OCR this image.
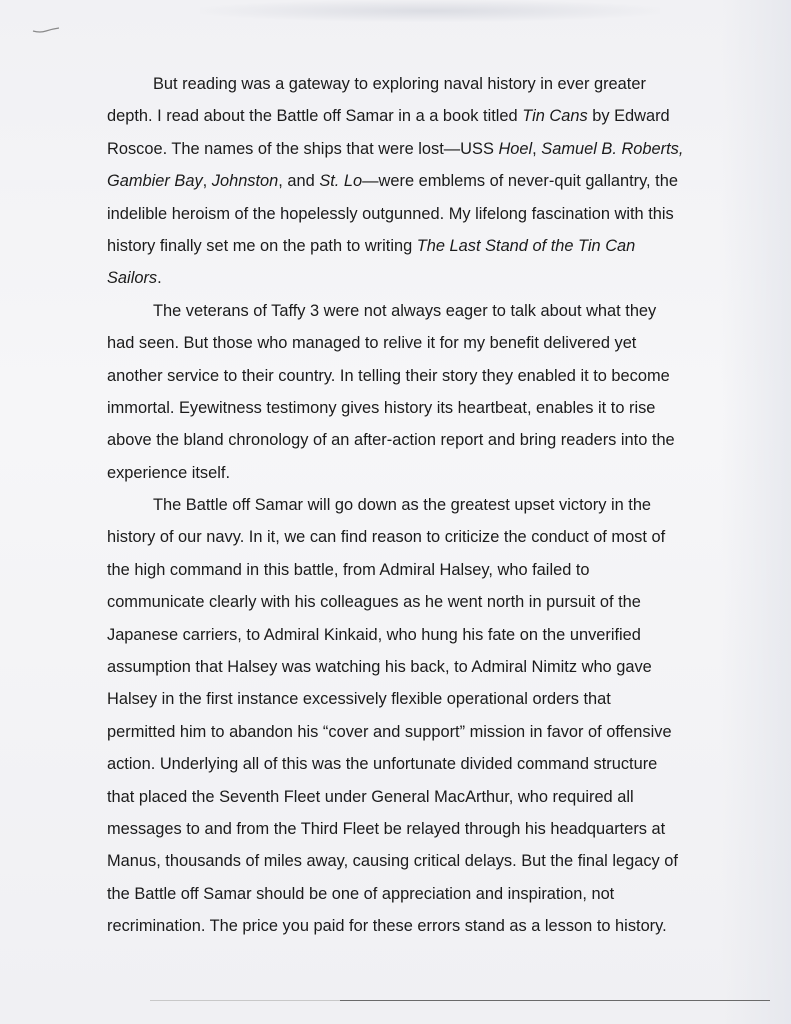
But reading was a gateway to exploring naval history in ever greater
depth. I read about the Battle off Samar in a a book titled Tin Cans by Edward
Roscoe. The names of the ships that were lost—USS Hoel, Samuel B. Roberts,
Gambier Bay, Johnston, and St. Lo—were emblems of never-quit gallantry, the
indelible heroism of the hopelessly outgunned. My lifelong fascination with this
history finally set me on the path to writing The Last Stand of the Tin Can
Sailors.
The veterans of Taffy 3 were not always eager to talk about what they
had seen. But those who managed to relive it for my benefit delivered yet
another service to their country. In telling their story they enabled it to become
immortal. Eyewitness testimony gives history its heartbeat, enables it to rise
above the bland chronology of an after-action report and bring readers into the
experience itself.
The Battle off Samar will go down as the greatest upset victory in the
history of our navy. In it, we can find reason to criticize the conduct of most of
the high command in this battle, from Admiral Halsey, who failed to
communicate clearly with his colleagues as he went north in pursuit of the
Japanese carriers, to Admiral Kinkaid, who hung his fate on the unverified
assumption that Halsey was watching his back, to Admiral Nimitz who gave
Halsey in the first instance excessively flexible operational orders that
permitted him to abandon his “cover and support” mission in favor of offensive
action. Underlying all of this was the unfortunate divided command structure
that placed the Seventh Fleet under General MacArthur, who required all
messages to and from the Third Fleet be relayed through his headquarters at
Manus, thousands of miles away, causing critical delays. But the final legacy of
the Battle off Samar should be one of appreciation and inspiration, not
recrimination. The price you paid for these errors stand as a lesson to history.
